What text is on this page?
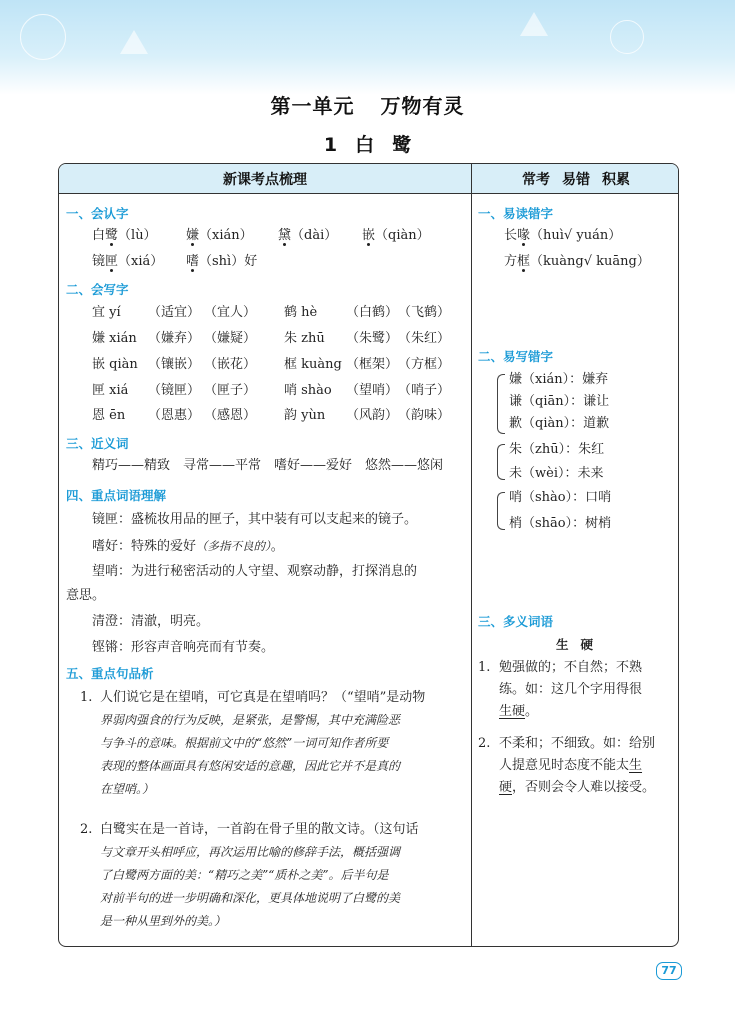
第一单元 万物有灵
1 白 鹭
新课考点梳理	常考 易错 积累
一、会认字
白鹭（lù） 嫌（xián） 黛（dài） 嵌（qiàn）
镜匣（xiá） 嗜（shì）好
二、会写字
宜 yí （适宜） （宜人） 鹤 hè （白鹤） （飞鹤）
嫌 xián （嫌弃） （嫌疑） 朱 zhū （朱鹭） （朱红）
嵌 qiàn （镶嵌） （嵌花） 框 kuàng （框架） （方框）
匣 xiá （镜匣） （匣子） 哨 shào （望哨） （哨子）
恩 ēn （恩惠） （感恩） 韵 yùn （风韵） （韵味）
三、近义词
精巧——精致　寻常——平常　嗜好——爱好　悠然——悠闲
四、重点词语理解
镜匣：盛梳妆用品的匣子，其中装有可以支起来的镜子。
嗜好：特殊的爱好（多指不良的）。
望哨：为进行秘密活动的人守望、观察动静，打探消息的
意思。
清澄：清澈，明亮。
铿锵：形容声音响亮而有节奏。
五、重点句品析
1. 人们说它是在望哨，可它真是在望哨吗？（“望哨”是动物
界弱肉强食的行为反映，是紧张，是警惕，其中充满险恶
与争斗的意味。根据前文中的“悠然”一词可知作者所要
表现的整体画面具有悠闲安适的意趣，因此它并不是真的
在望哨。）
2. 白鹭实在是一首诗，一首韵在骨子里的散文诗。（这句话
与文章开头相呼应，再次运用比喻的修辞手法，概括强调
了白鹭两方面的美：“精巧之美”“质朴之美”。后半句是
对前半句的进一步明确和深化，更具体地说明了白鹭的美
是一种从里到外的美。）
一、易读错字
长喙（huì√ yuán）
方框（kuàng√ kuāng）
二、易写错字
嫌（xián）：嫌弃
谦（qiān）：谦让
歉（qiàn）：道歉
朱（zhū）：朱红
未（wèi）：未来
哨（shào）：口哨
梢（shāo）：树梢
三、多义词语
生 硬
1. 勉强做的；不自然；不熟
练。如：这几个字用得很
生硬。
2. 不柔和；不细致。如：给别
人提意见时态度不能太生
硬，否则会令人难以接受。
77
